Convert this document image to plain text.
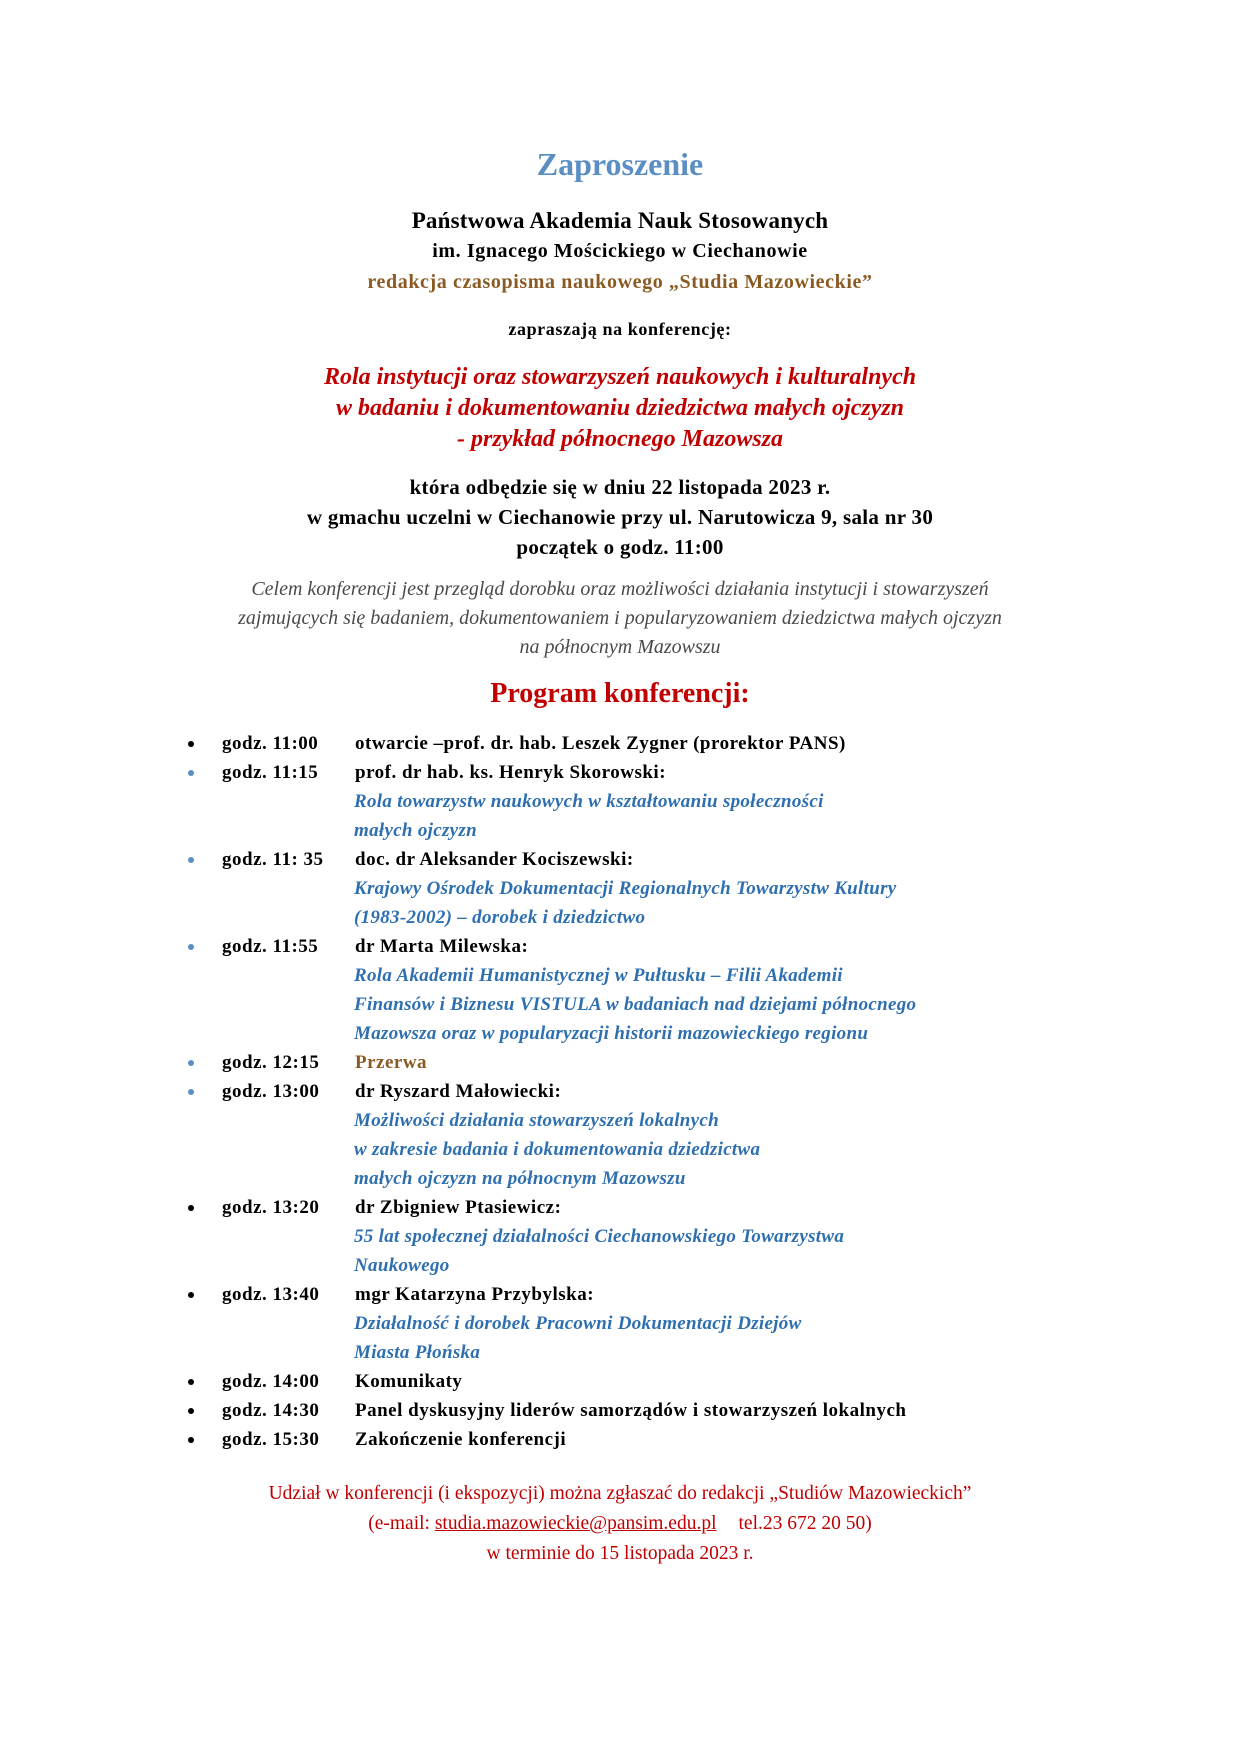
Zaproszenie
Państwowa Akademia Nauk Stosowanych
im. Ignacego Mościckiego w Ciechanowie
redakcja czasopisma naukowego „Studia Mazowieckie”
zapraszają na konferencję:
Rola instytucji oraz stowarzyszeń naukowych i kulturalnych
w badaniu i dokumentowaniu dziedzictwa małych ojczyzn
- przykład północnego Mazowsza
która odbędzie się w dniu 22 listopada 2023 r.
w gmachu uczelni w Ciechanowie przy ul. Narutowicza 9, sala nr 30
początek o godz. 11:00
Celem konferencji jest przegląd dorobku oraz możliwości działania instytucji i stowarzyszeń
zajmujących się badaniem, dokumentowaniem i popularyzowaniem dziedzictwa małych ojczyzn
na północnym Mazowszu
Program konferencji:
godz. 11:00 otwarcie –prof. dr. hab. Leszek Zygner (prorektor PANS)
godz. 11:15 prof. dr hab. ks. Henryk Skorowski:
Rola towarzystw naukowych w kształtowaniu społeczności
małych ojczyzn
godz. 11: 35 doc. dr Aleksander Kociszewski:
Krajowy Ośrodek Dokumentacji Regionalnych Towarzystw Kultury
(1983-2002) – dorobek i dziedzictwo
godz. 11:55 dr Marta Milewska:
Rola Akademii Humanistycznej w Pułtusku – Filii Akademii
Finansów i Biznesu VISTULA w badaniach nad dziejami północnego
Mazowsza oraz w popularyzacji historii mazowieckiego regionu
godz. 12:15 Przerwa
godz. 13:00 dr Ryszard Małowiecki:
Możliwości działania stowarzyszeń lokalnych
w zakresie badania i dokumentowania dziedzictwa
małych ojczyzn na północnym Mazowszu
godz. 13:20 dr Zbigniew Ptasiewicz:
55 lat społecznej działalności Ciechanowskiego Towarzystwa
Naukowego
godz. 13:40 mgr Katarzyna Przybylska:
Działalność i dorobek Pracowni Dokumentacji Dziejów
Miasta Płońska
godz. 14:00 Komunikaty
godz. 14:30 Panel dyskusyjny liderów samorządów i stowarzyszeń lokalnych
godz. 15:30 Zakończenie konferencji
Udział w konferencji (i ekspozycji) można zgłaszać do redakcji „Studiów Mazowieckich”
(e-mail: studia.mazowieckie@pansim.edu.pl tel.23 672 20 50)
w terminie do 15 listopada 2023 r.
